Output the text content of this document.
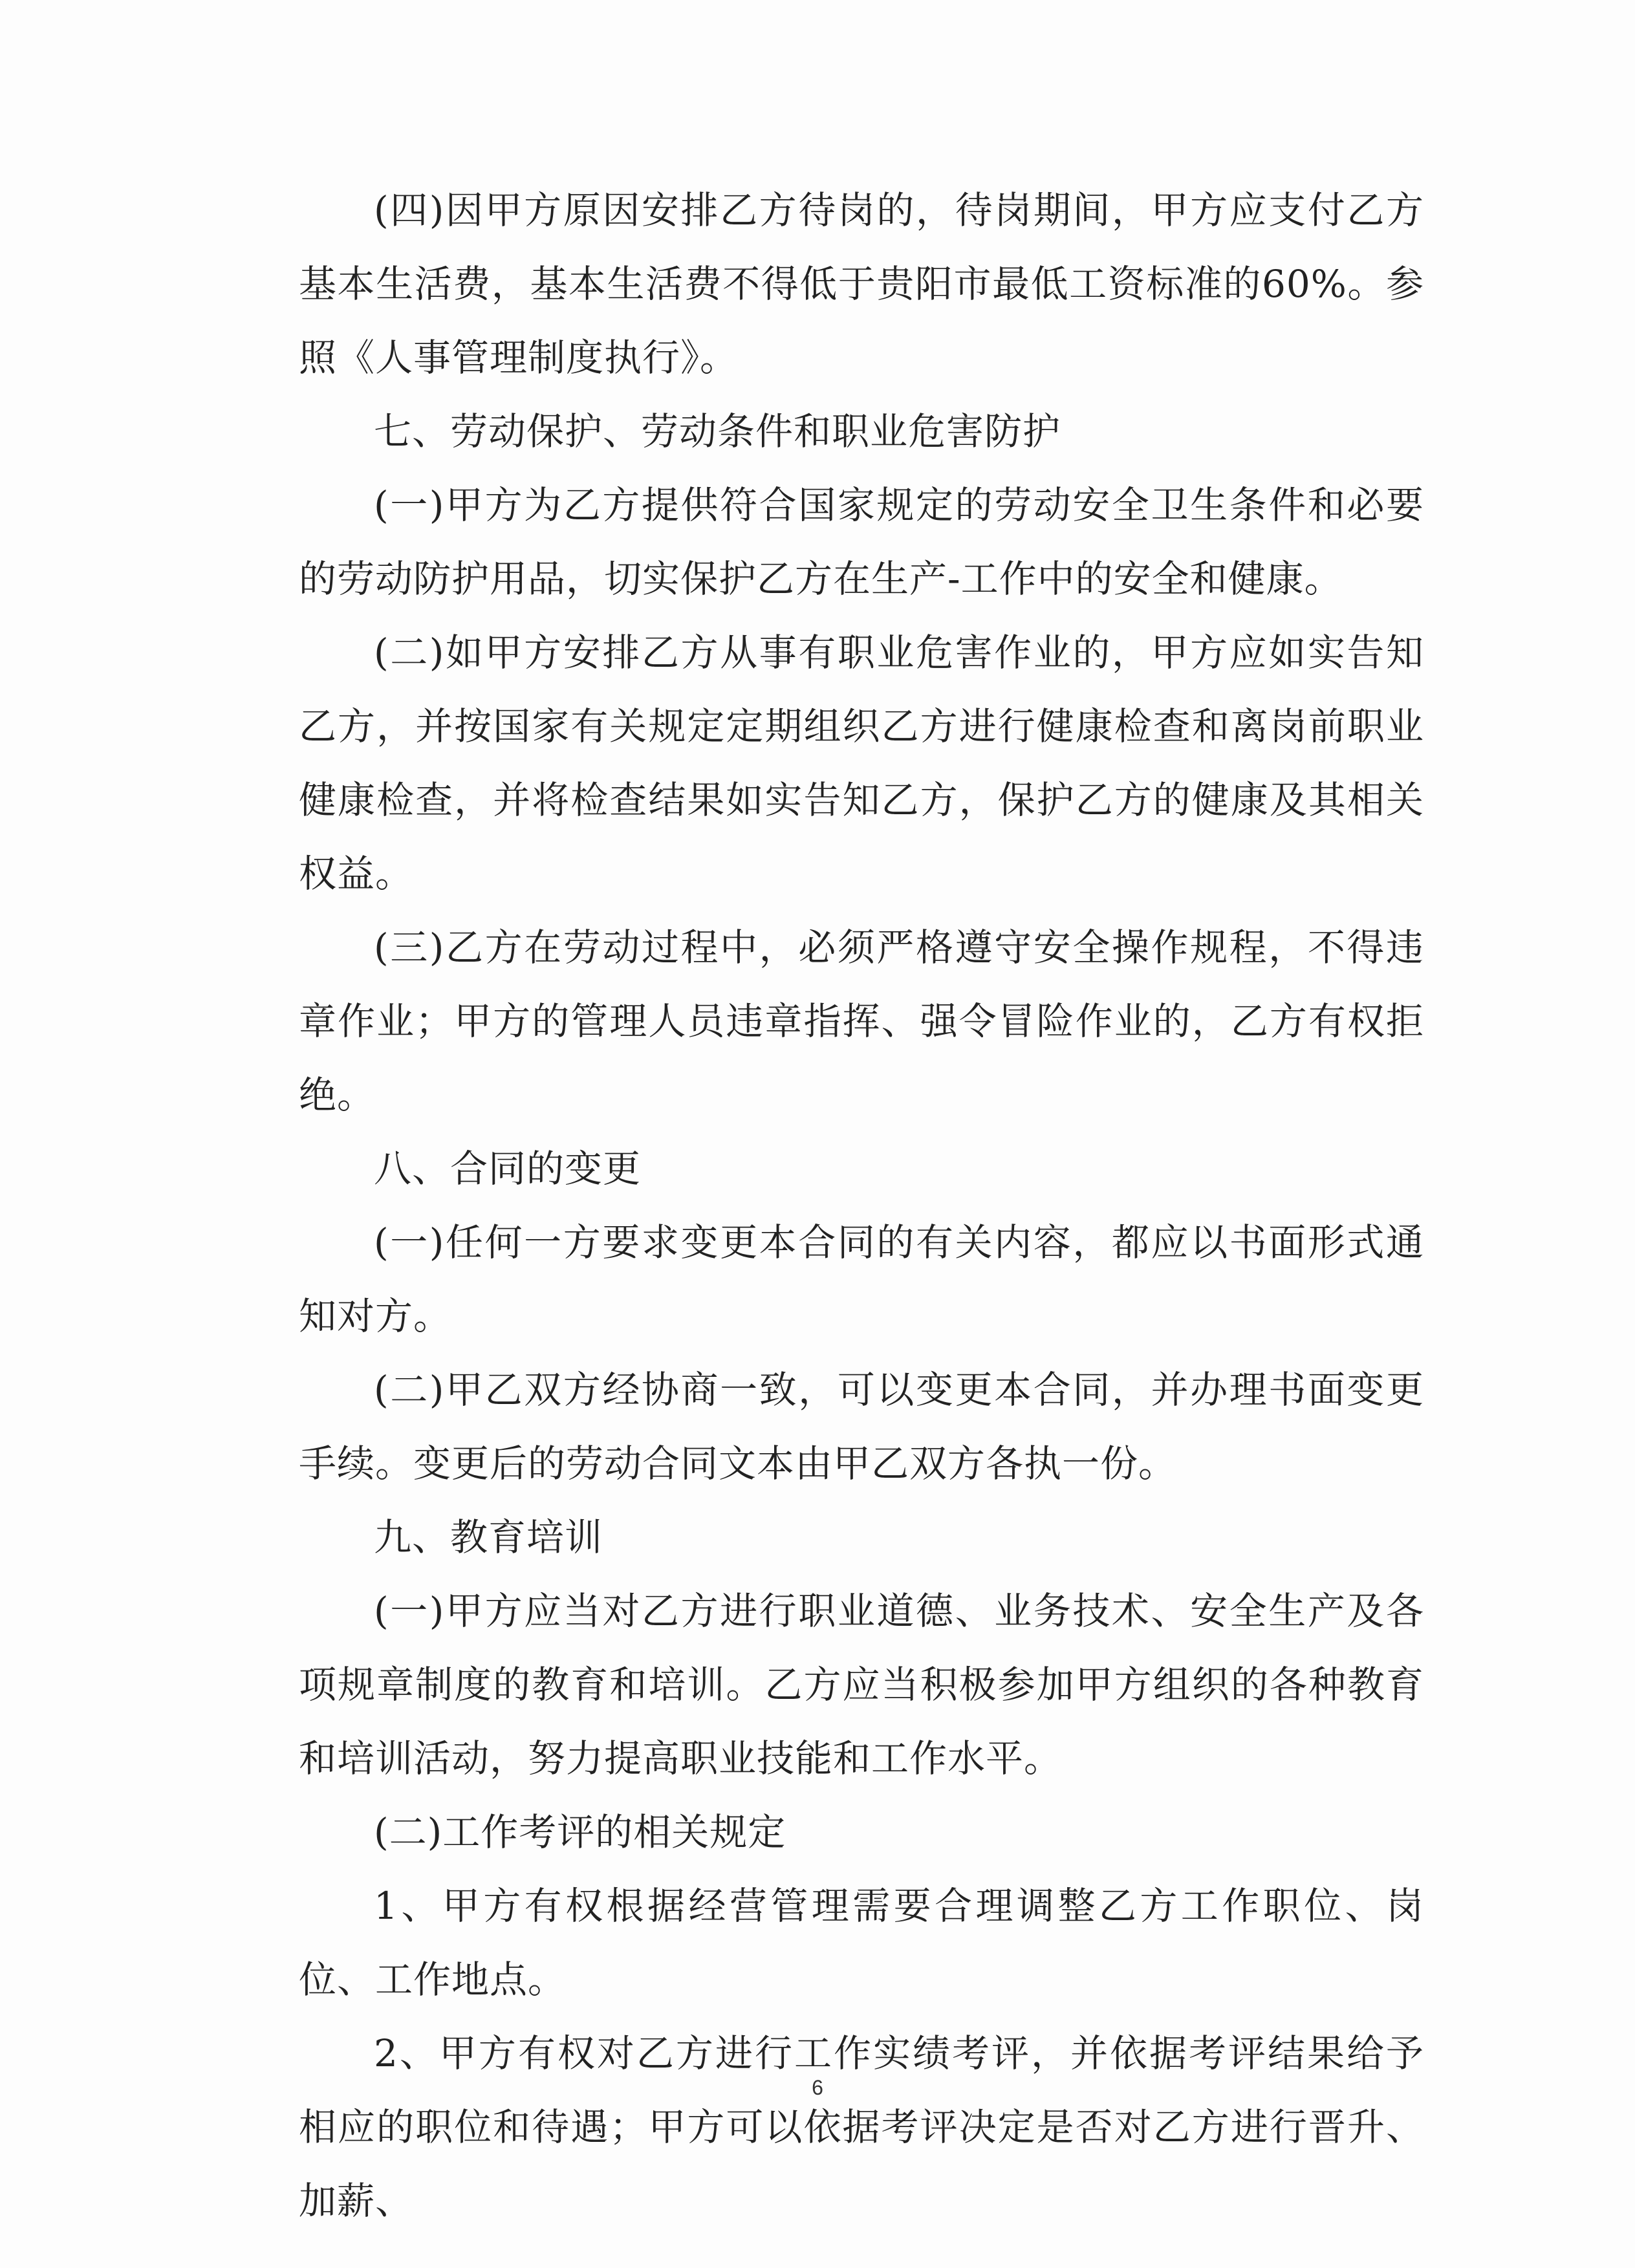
(四)因甲方原因安排乙方待岗的，待岗期间，甲方应支付乙方基本生活费，基本生活费不得低于贵阳市最低工资标准的60%。参照《人事管理制度执行》。

七、劳动保护、劳动条件和职业危害防护

(一)甲方为乙方提供符合国家规定的劳动安全卫生条件和必要的劳动防护用品，切实保护乙方在生产-工作中的安全和健康。

(二)如甲方安排乙方从事有职业危害作业的，甲方应如实告知乙方，并按国家有关规定定期组织乙方进行健康检查和离岗前职业健康检查，并将检查结果如实告知乙方，保护乙方的健康及其相关权益。

(三)乙方在劳动过程中，必须严格遵守安全操作规程，不得违章作业；甲方的管理人员违章指挥、强令冒险作业的，乙方有权拒绝。

八、合同的变更

(一)任何一方要求变更本合同的有关内容，都应以书面形式通知对方。

(二)甲乙双方经协商一致，可以变更本合同，并办理书面变更手续。变更后的劳动合同文本由甲乙双方各执一份。

九、教育培训

(一)甲方应当对乙方进行职业道德、业务技术、安全生产及各项规章制度的教育和培训。乙方应当积极参加甲方组织的各种教育和培训活动，努力提高职业技能和工作水平。

(二)工作考评的相关规定

1、甲方有权根据经营管理需要合理调整乙方工作职位、岗位、工作地点。

2、甲方有权对乙方进行工作实绩考评，并依据考评结果给予相应的职位和待遇；甲方可以依据考评决定是否对乙方进行晋升、加薪、

6
